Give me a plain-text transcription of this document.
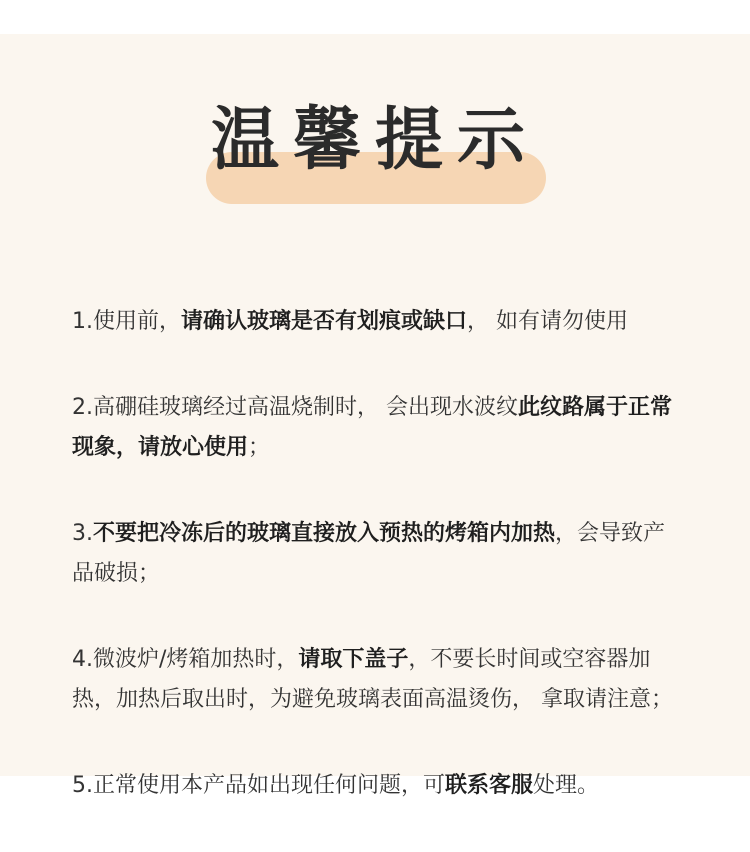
温馨提示

1.使用前，请确认玻璃是否有划痕或缺口， 如有请勿使用

2.高硼硅玻璃经过高温烧制时， 会出现水波纹此纹路属于正常现象，请放心使用；

3.不要把冷冻后的玻璃直接放入预热的烤箱内加热，会导致产品破损；

4.微波炉/烤箱加热时，请取下盖子，不要长时间或空容器加热，加热后取出时，为避免玻璃表面高温烫伤， 拿取请注意；

5.正常使用本产品如出现任何问题，可联系客服处理。
